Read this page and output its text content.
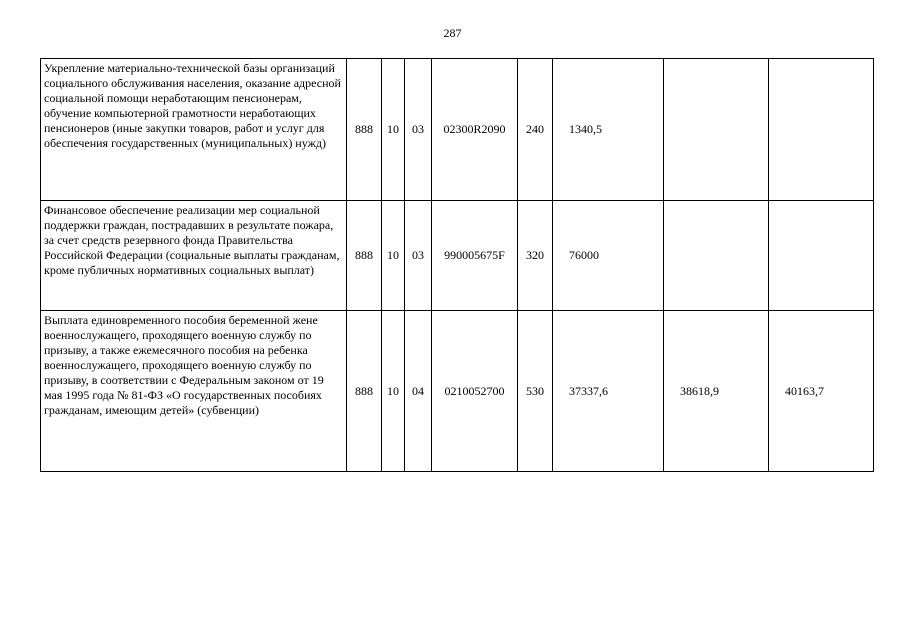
287
Укрепление материально-технической базы организаций социального обслуживания населения, оказание адресной социальной помощи неработающим пенсионерам, обучение компьютерной грамотности неработающих пенсионеров (иные закупки товаров, работ и услуг для обеспечения государственных (муниципальных) нужд)	888	10	03	02300R2090	240	1340,5		
Финансовое обеспечение реализации мер социальной поддержки граждан, пострадавших в результате пожара, за счет средств резервного фонда Правительства Российской Федерации (социальные выплаты гражданам, кроме публичных нормативных социальных выплат)	888	10	03	990005675F	320	76000		
Выплата единовременного пособия беременной жене военнослужащего, проходящего военную службу по призыву, а также ежемесячного пособия на ребенка военнослужащего, проходящего военную службу по призыву, в соответствии с Федеральным законом от 19 мая 1995 года № 81-ФЗ «О государственных пособиях гражданам, имеющим детей» (субвенции)	888	10	04	0210052700	530	37337,6	38618,9	40163,7
